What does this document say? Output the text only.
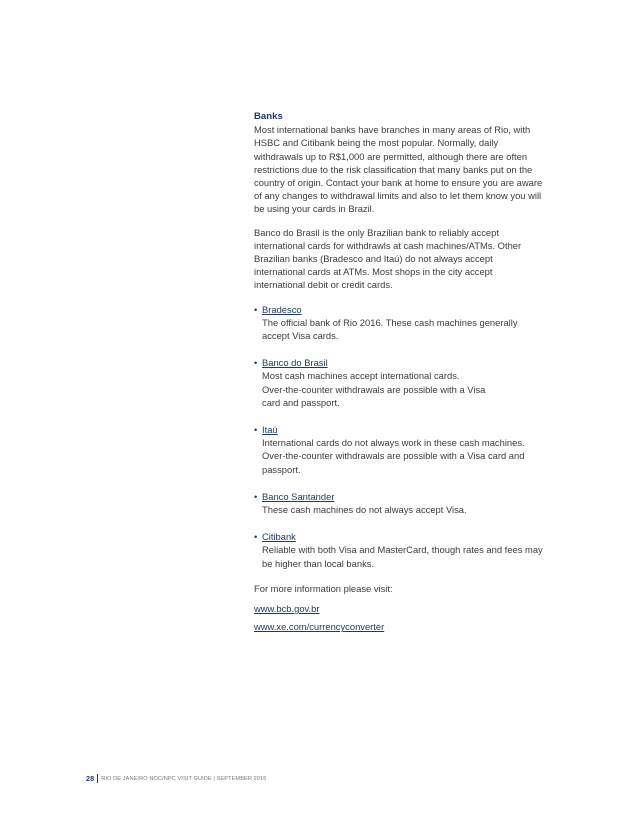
Banks

Most international banks have branches in many areas of Rio, with HSBC and Citibank being the most popular. Normally, daily withdrawals up to R$1,000 are permitted, although there are often restrictions due to the risk classification that many banks put on the country of origin. Contact your bank at home to ensure you are aware of any changes to withdrawal limits and also to let them know you will be using your cards in Brazil.

Banco do Brasil is the only Brazilian bank to reliably accept international cards for withdrawls at cash machines/ATMs. Other Brazilian banks (Bradesco and Itaú) do not always accept international cards at ATMs. Most shops in the city accept international debit or credit cards.

• Bradesco
The official bank of Rio 2016. These cash machines generally accept Visa cards.
• Banco do Brasil
Most cash machines accept international cards.
Over-the-counter withdrawals are possible with a Visa
card and passport.
• Itaú
International cards do not always work in these cash machines. Over-the-counter withdrawals are possible with a Visa card and passport.
• Banco Santander
These cash machines do not always accept Visa.
• Citibank
Reliable with both Visa and MasterCard, though rates and fees may be higher than local banks.

For more information please visit:

www.bcb.gov.br
www.xe.com/currencyconverter
28 RIO DE JANEIRO NOC/NPC VISIT GUIDE | SEPTEMBER 2015
